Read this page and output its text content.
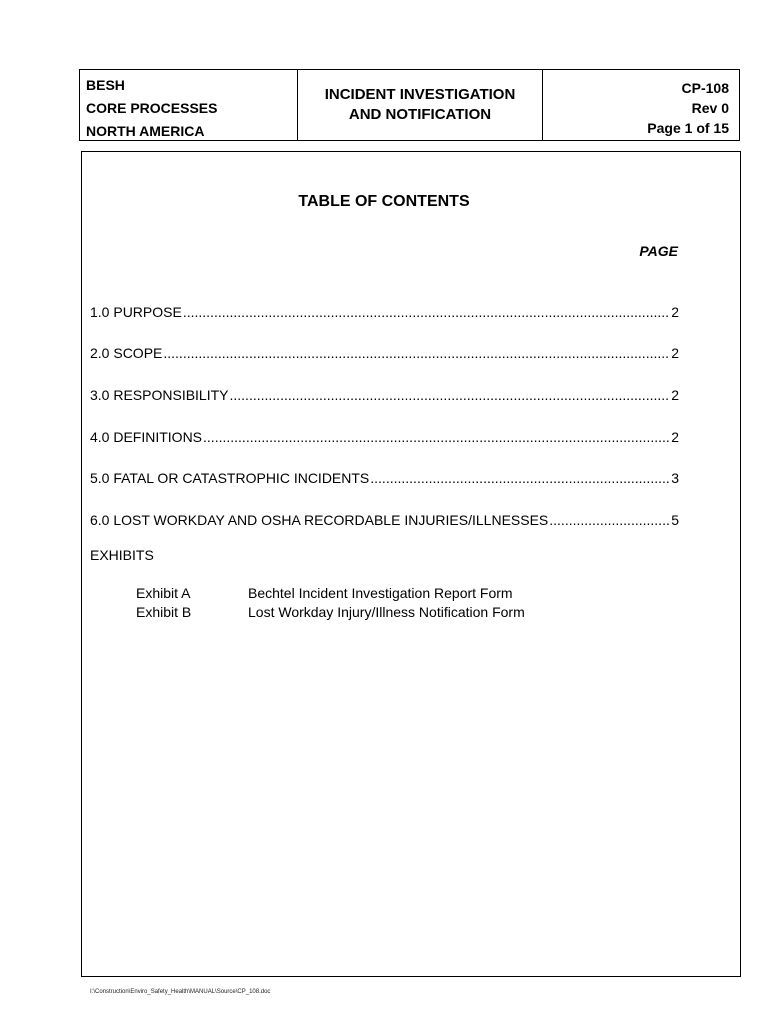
BESH
CORE PROCESSES
NORTH AMERICA
INCIDENT INVESTIGATION
AND NOTIFICATION
CP-108
Rev 0
Page 1 of 15
TABLE OF CONTENTS
PAGE
1.0 PURPOSE .....	2
2.0 SCOPE .....	2
3.0 RESPONSIBILITY .....	2
4.0 DEFINITIONS .....	2
5.0 FATAL OR CATASTROPHIC INCIDENTS .....	3
6.0 LOST WORKDAY AND OSHA RECORDABLE INJURIES/ILLNESSES .....	5
EXHIBITS
Exhibit A	Bechtel Incident Investigation Report Form
Exhibit B	Lost Workday Injury/Illness Notification Form
I:\Construction\Enviro_Safety_Health\MANUAL\Source\CP_108.doc
